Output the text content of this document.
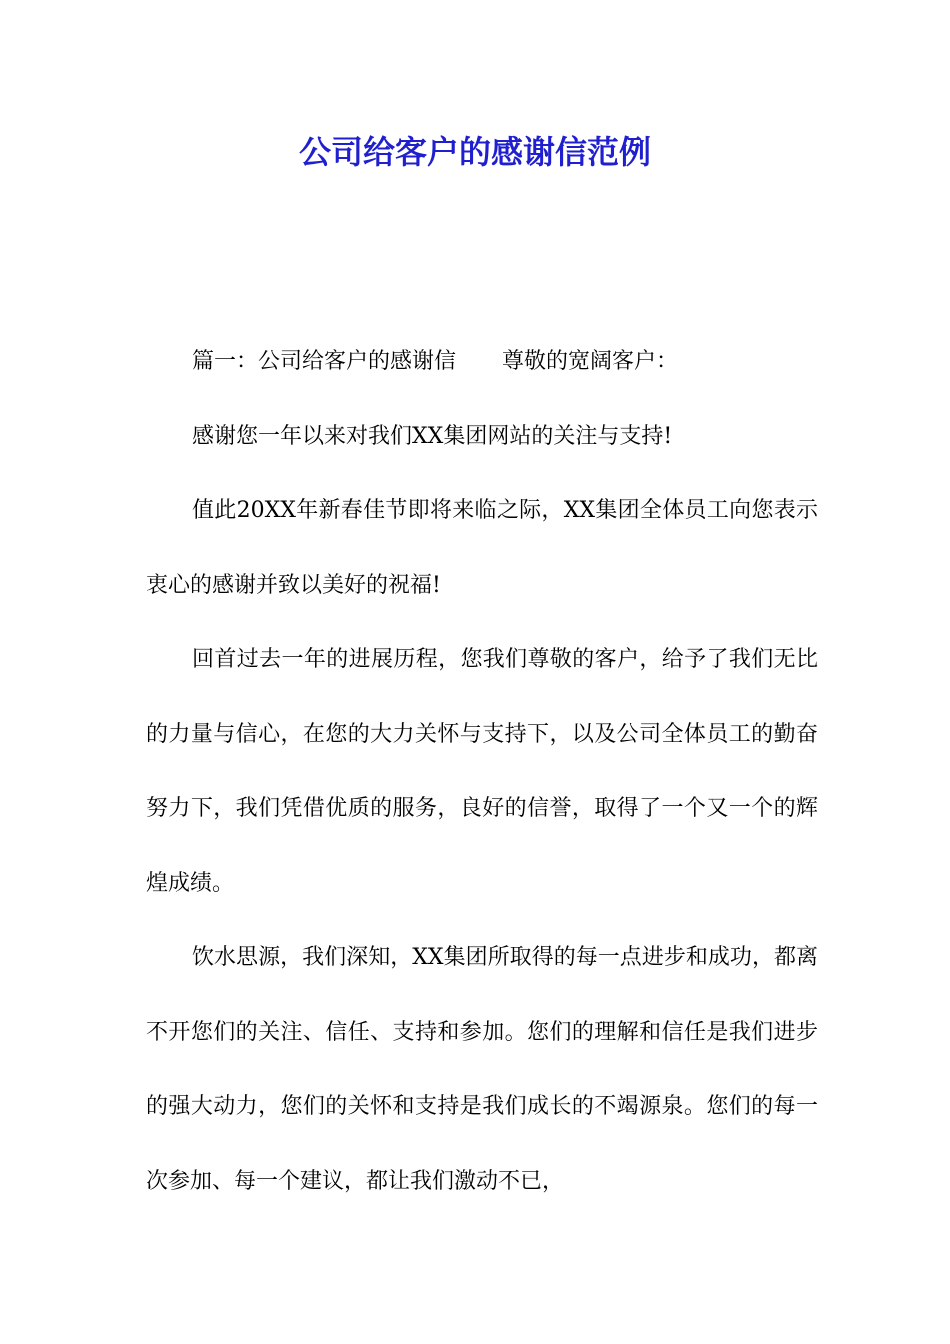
公司给客户的感谢信范例

篇一：公司给客户的感谢信 尊敬的宽阔客户：

感谢您一年以来对我们XX集团网站的关注与支持!

值此20XX年新春佳节即将来临之际，XX集团全体员工向您表示衷心的感谢并致以美好的祝福!

回首过去一年的进展历程，您我们尊敬的客户，给予了我们无比的力量与信心，在您的大力关怀与支持下，以及公司全体员工的勤奋努力下，我们凭借优质的服务，良好的信誉，取得了一个又一个的辉煌成绩。

饮水思源，我们深知，XX集团所取得的每一点进步和成功，都离不开您们的关注、信任、支持和参加。您们的理解和信任是我们进步的强大动力，您们的关怀和支持是我们成长的不竭源泉。您们的每一次参加、每一个建议，都让我们激动不已，
